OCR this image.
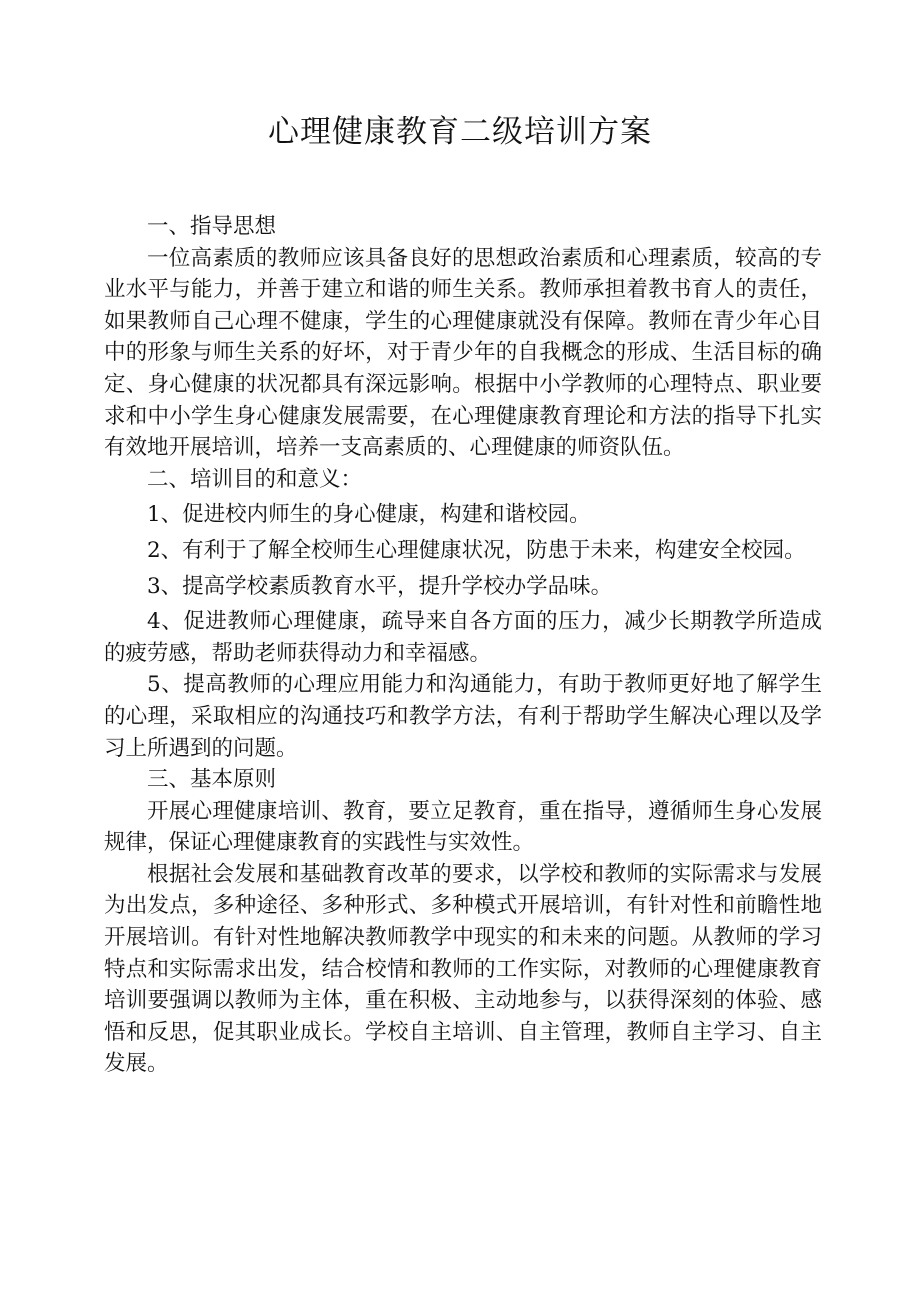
心理健康教育二级培训方案

一、指导思想

一位高素质的教师应该具备良好的思想政治素质和心理素质，较高的专业水平与能力，并善于建立和谐的师生关系。教师承担着教书育人的责任，如果教师自己心理不健康，学生的心理健康就没有保障。教师在青少年心目中的形象与师生关系的好坏，对于青少年的自我概念的形成、生活目标的确定、身心健康的状况都具有深远影响。根据中小学教师的心理特点、职业要求和中小学生身心健康发展需要，在心理健康教育理论和方法的指导下扎实有效地开展培训，培养一支高素质的、心理健康的师资队伍。

二、培训目的和意义：

1、促进校内师生的身心健康，构建和谐校园。

2、有利于了解全校师生心理健康状况，防患于未来，构建安全校园。

3、提高学校素质教育水平，提升学校办学品味。

4、促进教师心理健康，疏导来自各方面的压力，减少长期教学所造成的疲劳感，帮助老师获得动力和幸福感。

5、提高教师的心理应用能力和沟通能力，有助于教师更好地了解学生的心理，采取相应的沟通技巧和教学方法，有利于帮助学生解决心理以及学习上所遇到的问题。

三、基本原则

开展心理健康培训、教育，要立足教育，重在指导，遵循师生身心发展规律，保证心理健康教育的实践性与实效性。

根据社会发展和基础教育改革的要求，以学校和教师的实际需求与发展为出发点，多种途径、多种形式、多种模式开展培训，有针对性和前瞻性地开展培训。有针对性地解决教师教学中现实的和未来的问题。从教师的学习特点和实际需求出发，结合校情和教师的工作实际，对教师的心理健康教育培训要强调以教师为主体，重在积极、主动地参与，以获得深刻的体验、感悟和反思，促其职业成长。学校自主培训、自主管理，教师自主学习、自主发展。
